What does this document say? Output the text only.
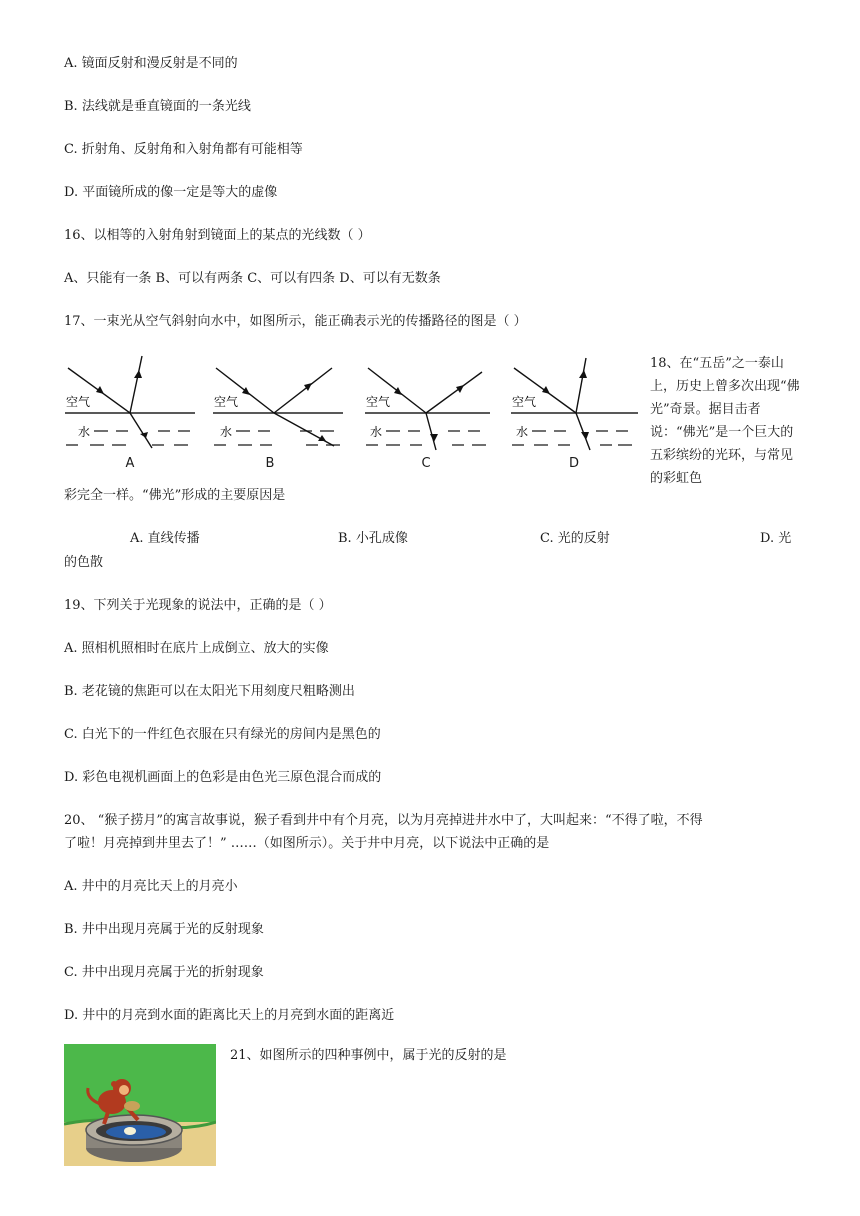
A. 镜面反射和漫反射是不同的
B. 法线就是垂直镜面的一条光线
C. 折射角、反射角和入射角都有可能相等
D. 平面镜所成的像一定是等大的虚像
16、以相等的入射角射到镜面上的某点的光线数（ ）
A、只能有一条 B、可以有两条 C、可以有四条 D、可以有无数条
17、一束光从空气斜射向水中，如图所示，能正确表示光的传播路径的图是（ ）
空气
水
A
空气
水
B
空气
水
C
空气
水
D
18、在“五岳”之一泰山上，历史上曾多次出现“佛光”奇景。据目击者说：“佛光”是一个巨大的五彩缤纷的光环，与常见的彩虹色
彩完全一样。“佛光”形成的主要原因是
A. 直线传播	B. 小孔成像	C. 光的反射	D. 光
的色散
19、下列关于光现象的说法中，正确的是（ ）
A. 照相机照相时在底片上成倒立、放大的实像
B. 老花镜的焦距可以在太阳光下用刻度尺粗略测出
C. 白光下的一件红色衣服在只有绿光的房间内是黑色的
D. 彩色电视机画面上的色彩是由色光三原色混合而成的
20、 “猴子捞月”的寓言故事说，猴子看到井中有个月亮，以为月亮掉进井水中了，大叫起来：“不得了啦，不得
了啦！月亮掉到井里去了！” ……（如图所示）。关于井中月亮，以下说法中正确的是
A. 井中的月亮比天上的月亮小
B. 井中出现月亮属于光的反射现象
C. 井中出现月亮属于光的折射现象
D. 井中的月亮到水面的距离比天上的月亮到水面的距离近
21、如图所示的四种事例中，属于光的反射的是
